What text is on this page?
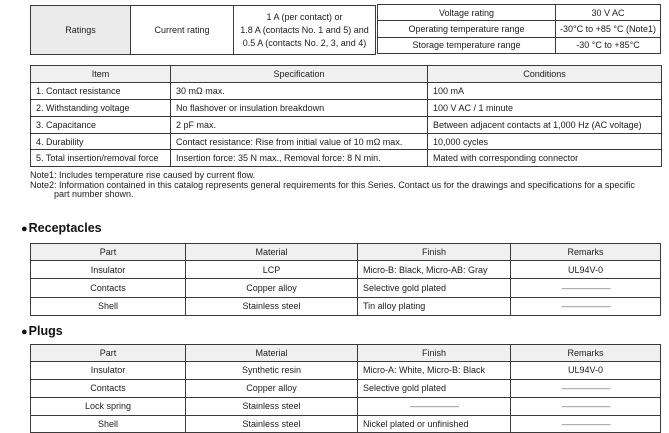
Ratings	Current rating	
1 A (per contact) or
1.8 A (contacts No. 1 and 5) and
0.5 A (contacts No. 2, 3, and 4)
Voltage rating	30 V AC
Operating temperature range	-30°C to +85 °C (Note1)
Storage temperature range	-30 °C to +85°C
Item	Specification	Conditions
1. Contact resistance	30 mΩ max.	100 mA
2. Withstanding voltage	No flashover or insulation breakdown	100 V AC / 1 minute
3. Capacitance	2 pF max.	Between adjacent contacts at 1,000 Hz (AC voltage)
4. Durability	Contact resistance: Rise from initial value of 10 mΩ max.	10,000 cycles
5. Total insertion/removal force	Insertion force: 35 N max., Removal force: 8 N min.	Mated with corresponding connector
Note1: Includes temperature rise caused by current flow.
Note2: Information contained in this catalog represents general requirements for this Series. Contact us for the drawings and specifications for a specific part number shown.
●Receptacles
Part	Material	Finish	Remarks
Insulator	LCP	Micro-B: Black, Micro-AB: Gray	UL94V-0
Contacts	Copper alloy	Selective gold plated	——————
Shell	Stainless steel	Tin alloy plating	——————
●Plugs
Part	Material	Finish	Remarks
Insulator	Synthetic resin	Micro-A: White, Micro-B: Black	UL94V-0
Contacts	Copper alloy	Selective gold plated	——————
Lock spring	Stainless steel	——————	——————
Shell	Stainless steel	Nickel plated or unfinished	——————
